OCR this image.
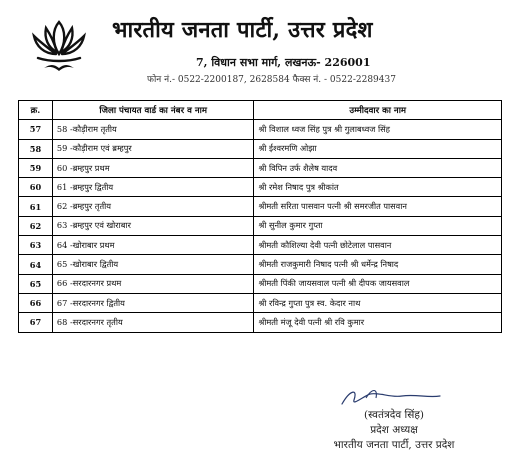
भारतीय जनता पार्टी, उत्तर प्रदेश
7, विधान सभा मार्ग, लखनऊ- 226001
फोन नं.- 0522-2200187, 2628584 फैक्स नं. - 0522-2289437
क्र.	जिला पंचायत वार्ड का नंबर व नाम	उम्मीदवार का नाम
57	58 -कौड़ीराम तृतीय	श्री विशाल ध्वज सिंह पुत्र श्री गुलाबध्वज सिंह
58	59 -कौड़ीराम एवं ब्रम्हपुर	श्री ईश्वरमणि ओझा
59	60 -ब्रम्हपुर प्रथम	श्री विपिन उर्फ शैलेष यादव
60	61 -ब्रम्हपुर द्वितीय	श्री रमेश निषाद पुत्र श्रीकांत
61	62 -ब्रम्हपुर तृतीय	श्रीमती सरिता पासवान पत्नी श्री समरजीत पासवान
62	63 -ब्रम्हपुर एवं खोराबार	श्री सुनील कुमार गुप्ता
63	64 -खोराबार प्रथम	श्रीमती कौशिल्या देवी पत्नी छोटेलाल पासवान
64	65 -खोराबार द्वितीय	श्रीमती राजकुमारी निषाद पत्नी श्री धर्मेन्द्र निषाद
65	66 -सरदारनगर प्रथम	श्रीमती पिंकी जायसवाल पत्नी श्री दीपक जायसवाल
66	67 -सरदारनगर द्वितीय	श्री रविन्द्र गुप्ता पुत्र स्व. केदार नाथ
67	68 -सरदारनगर तृतीय	श्रीमती मंजू देवी पत्नी श्री रवि कुमार
(स्वतंत्रदेव सिंह)
प्रदेश अध्यक्ष
भारतीय जनता पार्टी, उत्तर प्रदेश
